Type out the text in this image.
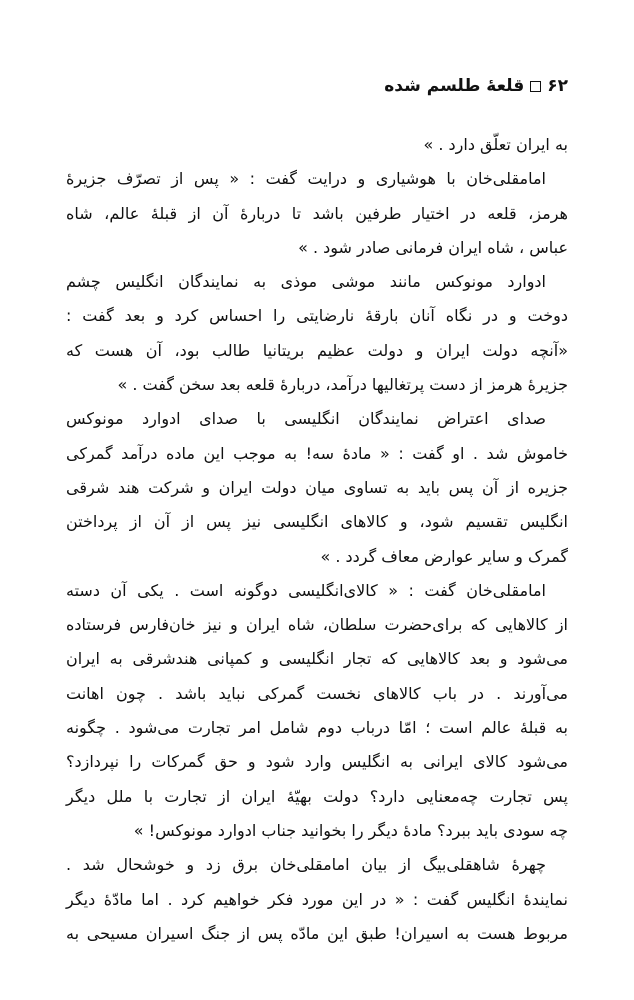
۶۲
قلعهٔ طلسم شده
به ایران تعلّق دارد . »
امامقلی‌خان با هوشیاری و درایت گفت : « پس از تصرّف جزیرهٔ
هرمز، قلعه در اختیار طرفین باشد تا دربارهٔ آن از قبلهٔ عالم، شاه
عباس ، شاه ایران فرمانی صادر شود . »
ادوارد مونوکس مانند موشی موذی به نمایندگان انگلیس چشم
دوخت و در نگاه آنان بارقهٔ نارضایتی را احساس کرد و بعد گفت :
«آنچه دولت ایران و دولت عظیم بریتانیا طالب بود، آن هست که
جزیرهٔ هرمز از دست پرتغالیها درآمد، دربارهٔ قلعه بعد سخن گفت . »
صدای اعتراض نمایندگان انگلیسی با صدای ادوارد مونوکس
خاموش شد . او گفت : « مادهٔ سه! به موجب این ماده درآمد گمرکی
جزیره از آن پس باید به تساوی میان دولت ایران و شرکت هند شرقی
انگلیس تقسیم شود، و کالاهای انگلیسی نیز پس از آن از پرداختن
گمرک و سایر عوارض معاف گردد . »
امامقلی‌خان گفت : « کالای‌انگلیسی دوگونه است . یکی آن دسته
از کالاهایی که برای‌حضرت سلطان، شاه ایران و نیز خان‌فارس فرستاده
می‌شود و بعد کالاهایی که تجار انگلیسی و کمپانی هندشرقی به ایران
می‌آورند . در باب کالاهای نخست گمرکی نباید باشد . چون اهانت
به قبلهٔ عالم است ؛ امّا درباب دوم شامل امر تجارت می‌شود . چگونه
می‌شود کالای ایرانی به انگلیس وارد شود و حق گمرکات را نپردازد؟
پس تجارت چه‌معنایی دارد؟ دولت بهیّهٔ ایران از تجارت با ملل دیگر
چه سودی باید ببرد؟ مادهٔ دیگر را بخوانید جناب ادوارد مونوکس! »
چهرهٔ شاهقلی‌بیگ از بیان امامقلی‌خان برق زد و خوشحال شد .
نمایندهٔ انگلیس گفت : « در این مورد فکر خواهیم کرد . اما مادّهٔ دیگر
مربوط هست به اسیران! طبق این مادّه پس از جنگ اسیران مسیحی به
